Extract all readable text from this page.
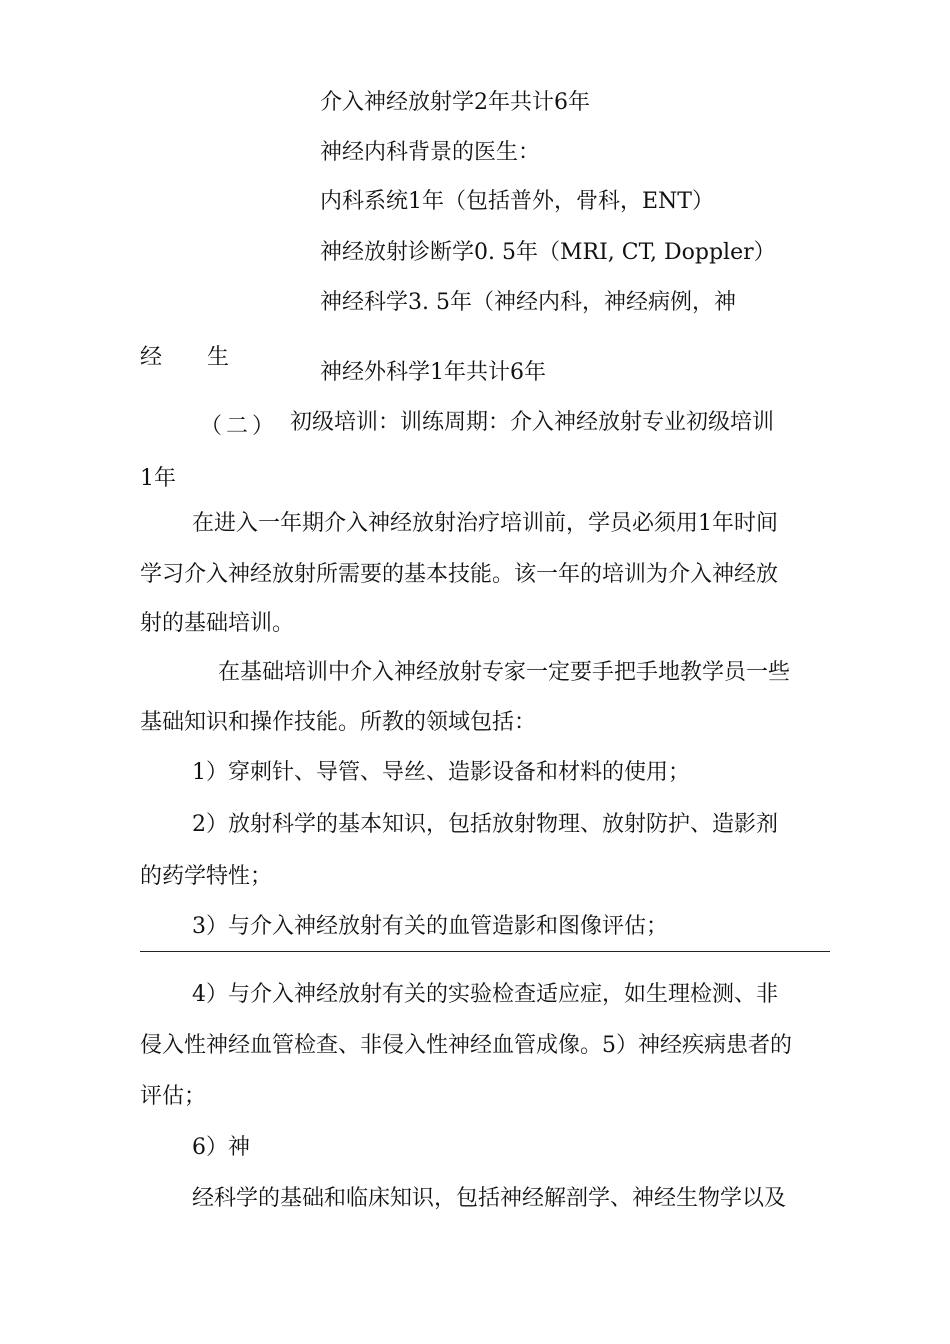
介入神经放射学2年共计6年
神经内科背景的医生：
内科系统1年（包括普外，骨科，ENT）
神经放射诊断学0. 5年（MRI, CT, Doppler）
神经科学3. 5年（神经内科，神经病例，神
经 生
神经外科学1年共计6年
（二） 初级培训：训练周期：介入神经放射专业初级培训
1年
在进入一年期介入神经放射治疗培训前，学员必须用1年时间
学习介入神经放射所需要的基本技能。该一年的培训为介入神经放
射的基础培训。
在基础培训中介入神经放射专家一定要手把手地教学员一些
基础知识和操作技能。所教的领域包括：
1）穿刺针、导管、导丝、造影设备和材料的使用；
2）放射科学的基本知识，包括放射物理、放射防护、造影剂
的药学特性；
3）与介入神经放射有关的血管造影和图像评估；
4）与介入神经放射有关的实验检查适应症，如生理检测、非
侵入性神经血管检查、非侵入性神经血管成像。5）神经疾病患者的
评估；
6）神
经科学的基础和临床知识，包括神经解剖学、神经生物学以及
